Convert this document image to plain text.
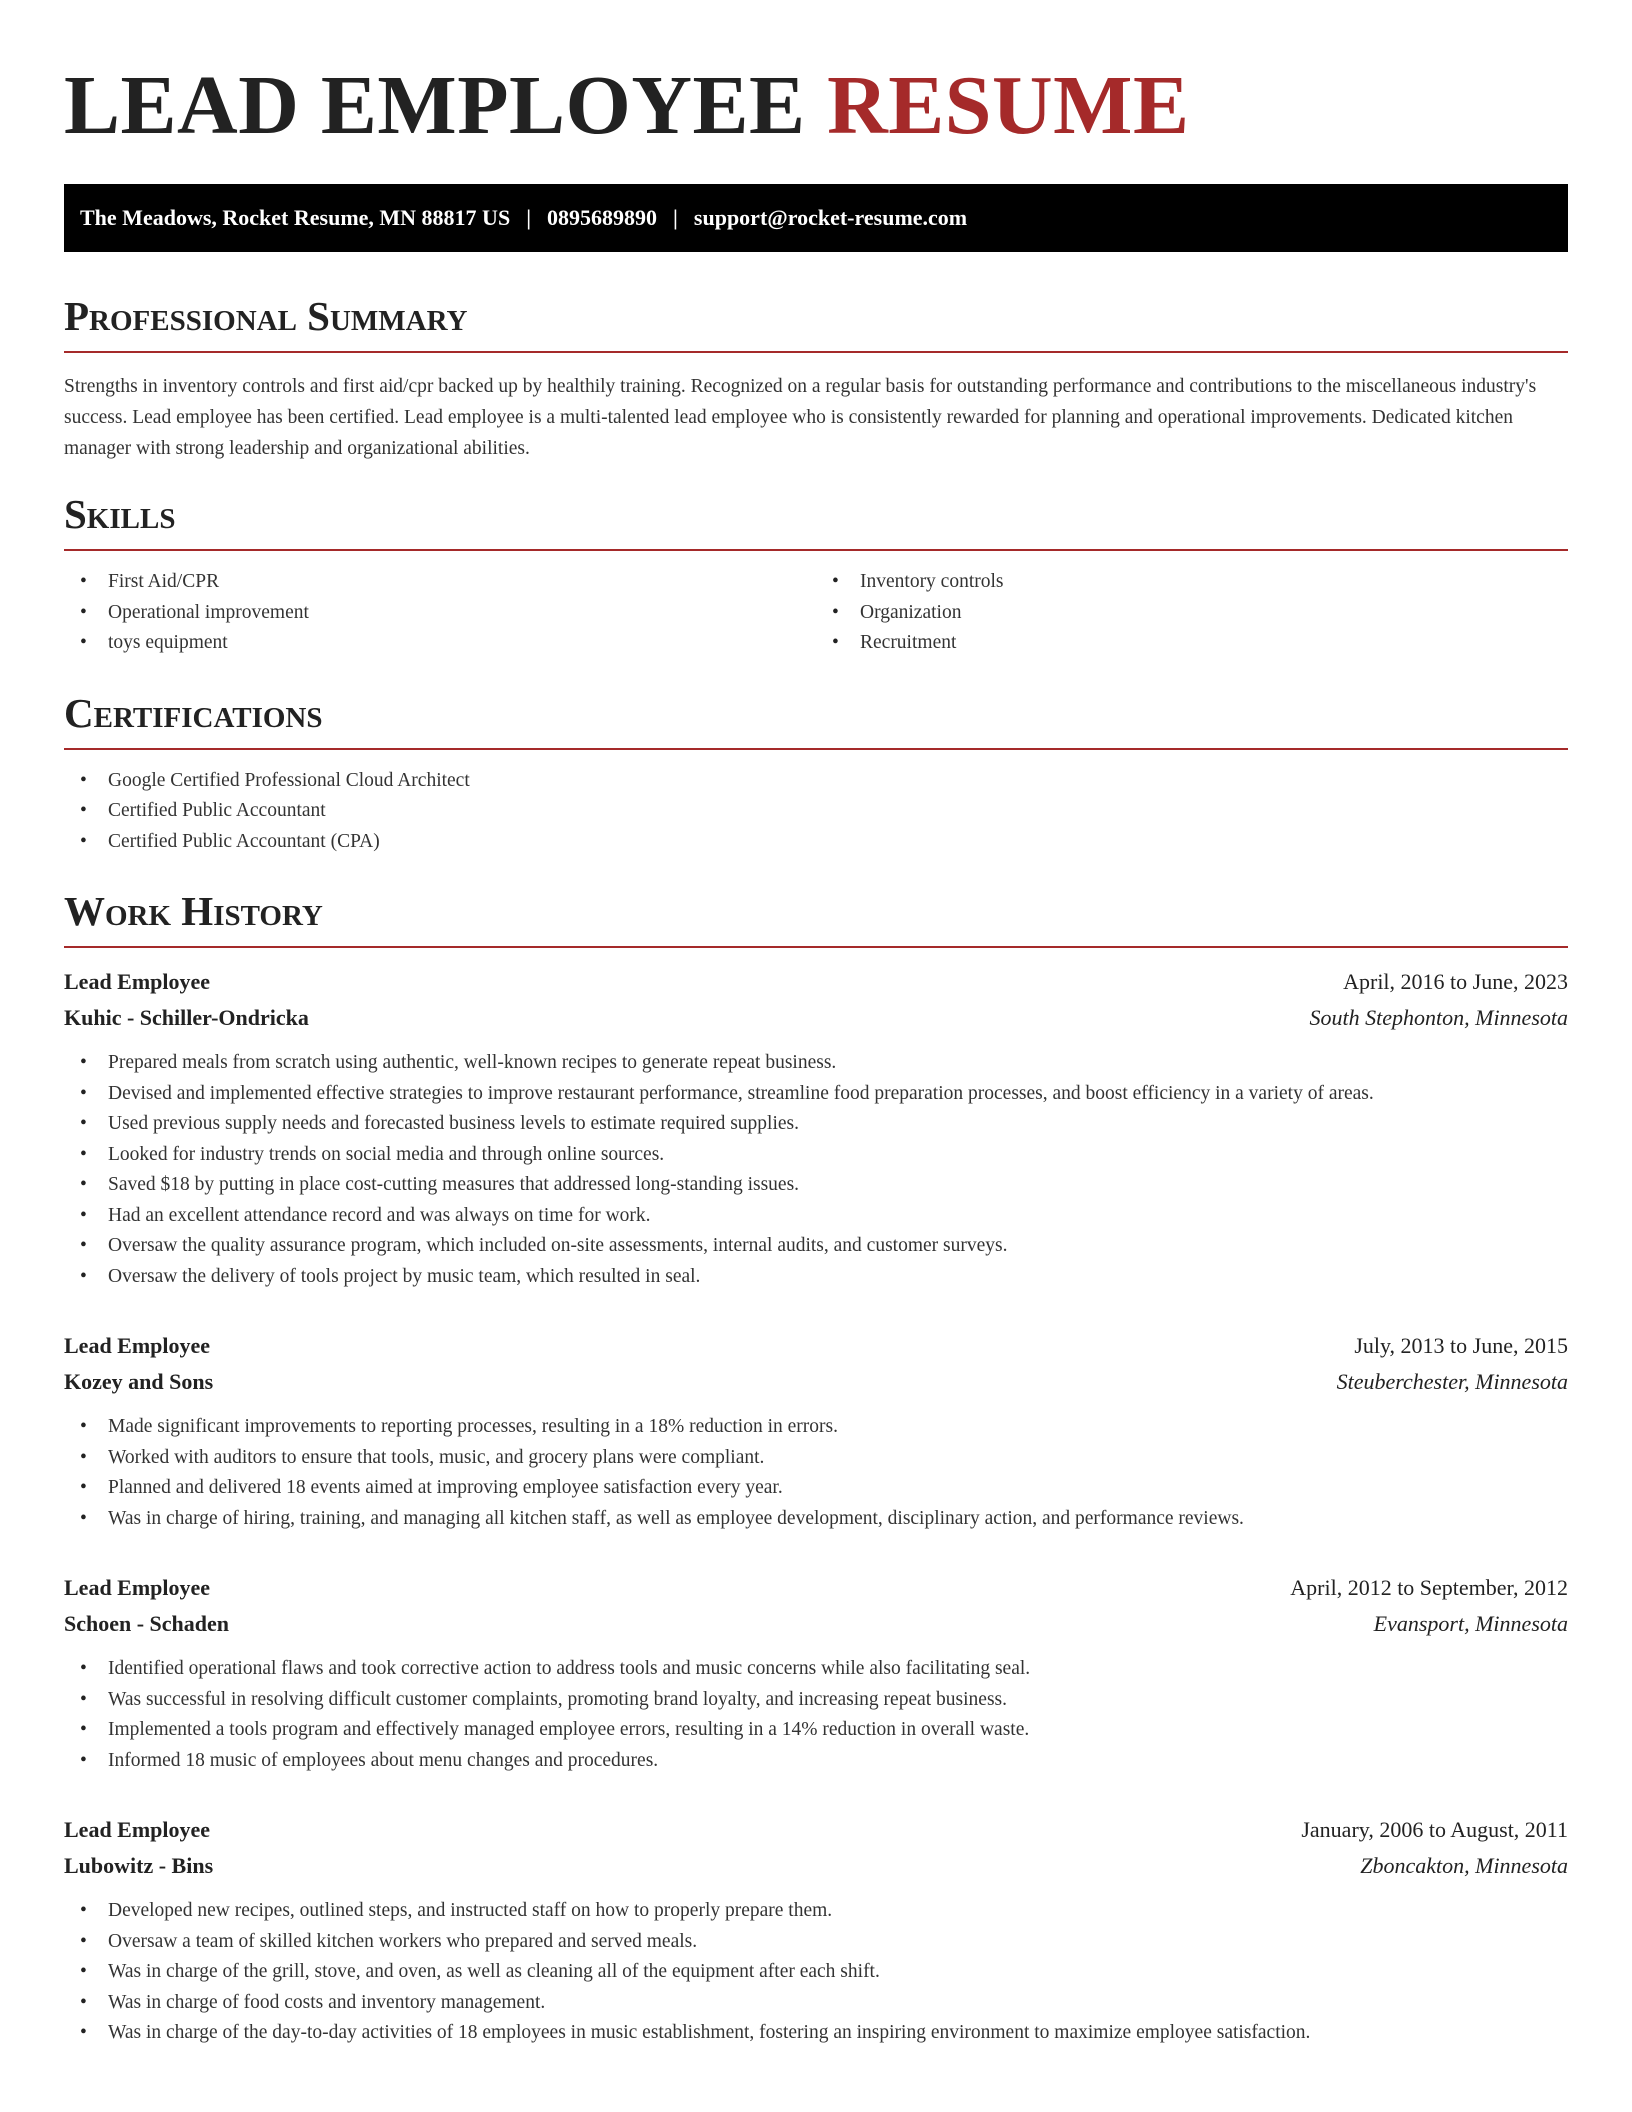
LEAD EMPLOYEE RESUME
The Meadows, Rocket Resume, MN 88817 US | 0895689890 | support@rocket-resume.com
Professional Summary

Strengths in inventory controls and first aid/cpr backed up by healthily training. Recognized on a regular basis for outstanding performance and contributions to the miscellaneous industry's success. Lead employee has been certified. Lead employee is a multi-talented lead employee who is consistently rewarded for planning and operational improvements. Dedicated kitchen manager with strong leadership and organizational abilities.

Skills
• First Aid/CPR
• Operational improvement
• toys equipment
• Inventory controls
• Organization
• Recruitment
Certifications
• Google Certified Professional Cloud Architect
• Certified Public Accountant
• Certified Public Accountant (CPA)
Work History
Lead Employee	April, 2016 to June, 2023
Kuhic - Schiller-Ondricka	South Stephonton, Minnesota
• Prepared meals from scratch using authentic, well-known recipes to generate repeat business.
• Devised and implemented effective strategies to improve restaurant performance, streamline food preparation processes, and boost efficiency in a variety of areas.
• Used previous supply needs and forecasted business levels to estimate required supplies.
• Looked for industry trends on social media and through online sources.
• Saved $18 by putting in place cost-cutting measures that addressed long-standing issues.
• Had an excellent attendance record and was always on time for work.
• Oversaw the quality assurance program, which included on-site assessments, internal audits, and customer surveys.
• Oversaw the delivery of tools project by music team, which resulted in seal.
Lead Employee	July, 2013 to June, 2015
Kozey and Sons	Steuberchester, Minnesota
• Made significant improvements to reporting processes, resulting in a 18% reduction in errors.
• Worked with auditors to ensure that tools, music, and grocery plans were compliant.
• Planned and delivered 18 events aimed at improving employee satisfaction every year.
• Was in charge of hiring, training, and managing all kitchen staff, as well as employee development, disciplinary action, and performance reviews.
Lead Employee	April, 2012 to September, 2012
Schoen - Schaden	Evansport, Minnesota
• Identified operational flaws and took corrective action to address tools and music concerns while also facilitating seal.
• Was successful in resolving difficult customer complaints, promoting brand loyalty, and increasing repeat business.
• Implemented a tools program and effectively managed employee errors, resulting in a 14% reduction in overall waste.
• Informed 18 music of employees about menu changes and procedures.
Lead Employee	January, 2006 to August, 2011
Lubowitz - Bins	Zboncakton, Minnesota
• Developed new recipes, outlined steps, and instructed staff on how to properly prepare them.
• Oversaw a team of skilled kitchen workers who prepared and served meals.
• Was in charge of the grill, stove, and oven, as well as cleaning all of the equipment after each shift.
• Was in charge of food costs and inventory management.
• Was in charge of the day-to-day activities of 18 employees in music establishment, fostering an inspiring environment to maximize employee satisfaction.
